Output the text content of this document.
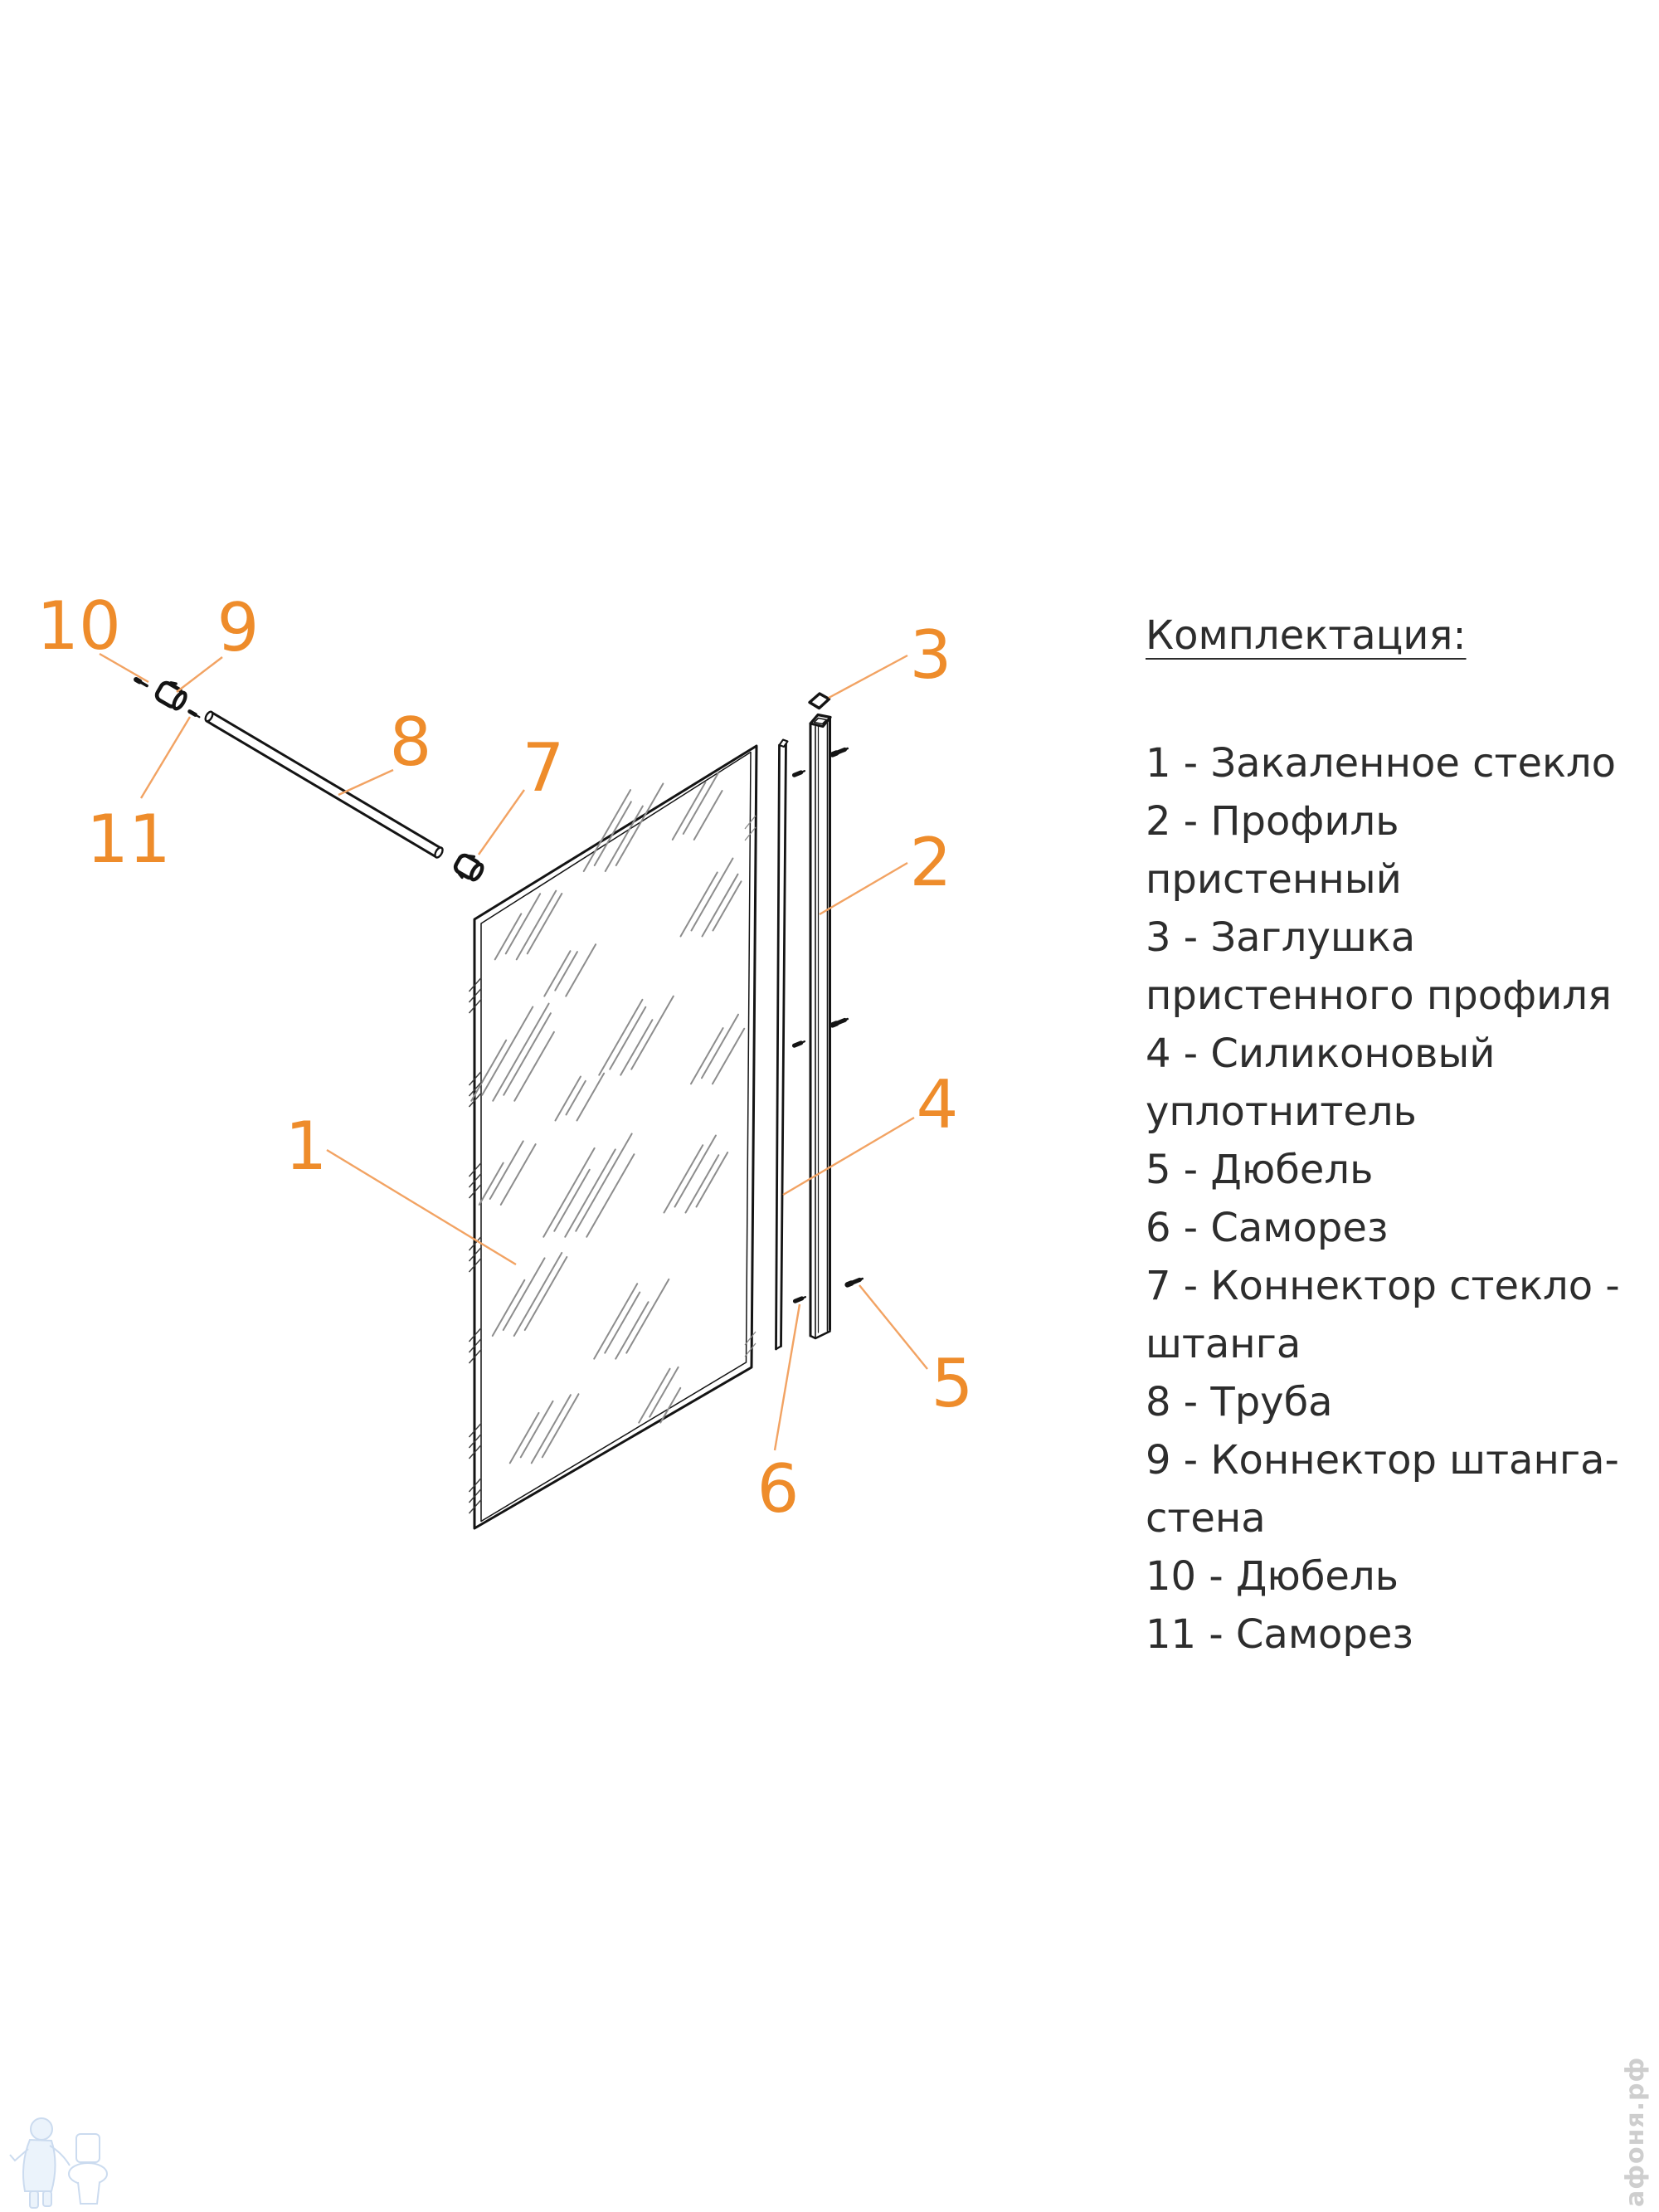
1
2
3
4
5
6
7
8
9
10
11
Комплектация:
1 - Закаленное стекло
2 - Профиль
пристенный
3 - Заглушка
пристенного профиля
4 - Силиконовый
уплотнитель
5 - Дюбель
6 - Саморез
7 - Коннектор стекло -
штанга
8 - Труба
9 - Коннектор штанга-
стена
10 - Дюбель
11 - Саморез
афоня.рф
